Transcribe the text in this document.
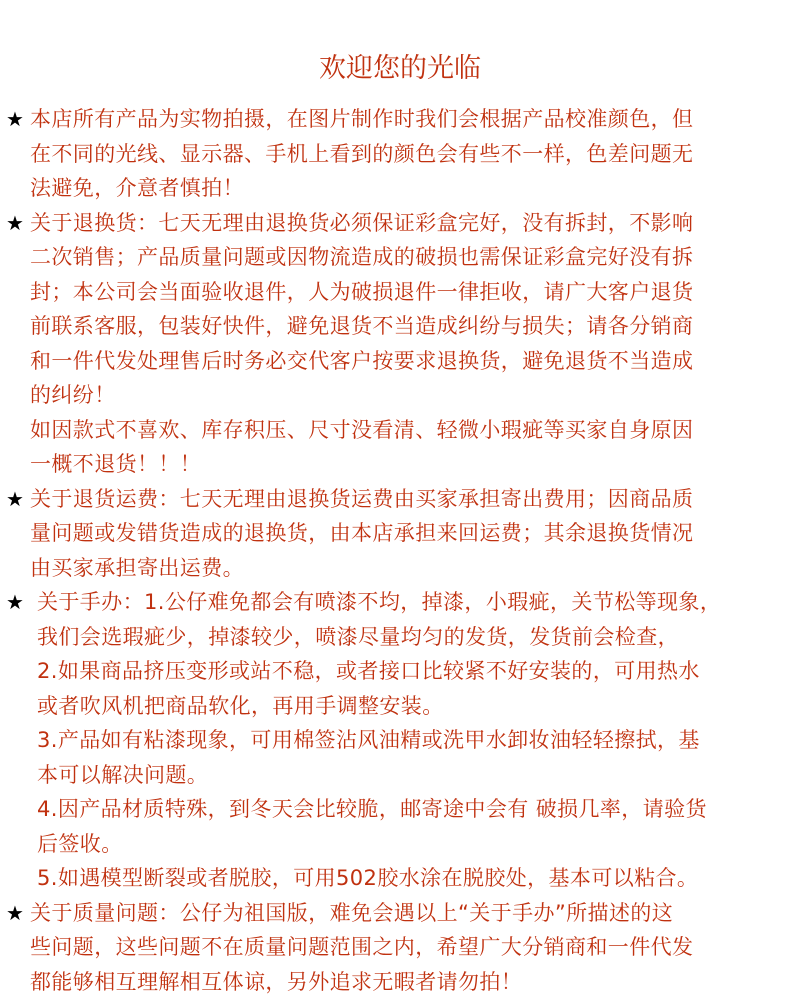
欢迎您的光临
★ 本店所有产品为实物拍摄，在图片制作时我们会根据产品校准颜色，但
在不同的光线、显示器、手机上看到的颜色会有些不一样，色差问题无
法避免，介意者慎拍！
★ 关于退换货：七天无理由退换货必须保证彩盒完好，没有拆封，不影响
二次销售；产品质量问题或因物流造成的破损也需保证彩盒完好没有拆
封；本公司会当面验收退件，人为破损退件一律拒收，请广大客户退货
前联系客服，包装好快件，避免退货不当造成纠纷与损失；请各分销商
和一件代发处理售后时务必交代客户按要求退换货，避免退货不当造成
的纠纷！
如因款式不喜欢、库存积压、尺寸没看清、轻微小瑕疵等买家自身原因
一概不退货！！！
★ 关于退货运费：七天无理由退换货运费由买家承担寄出费用；因商品质
量问题或发错货造成的退换货，由本店承担来回运费；其余退换货情况
由买家承担寄出运费。
★ 关于手办：1.公仔难免都会有喷漆不均，掉漆，小瑕疵，关节松等现象，
我们会选瑕疵少，掉漆较少，喷漆尽量均匀的发货，发货前会检查，
2.如果商品挤压变形或站不稳，或者接口比较紧不好安装的，可用热水
或者吹风机把商品软化，再用手调整安装。
3.产品如有粘漆现象，可用棉签沾风油精或洗甲水卸妆油轻轻擦拭，基
本可以解决问题。
4.因产品材质特殊，到冬天会比较脆，邮寄途中会有 破损几率，请验货
后签收。
5.如遇模型断裂或者脱胶，可用502胶水涂在脱胶处，基本可以粘合。
★ 关于质量问题：公仔为祖国版，难免会遇以上“关于手办”所描述的这
些问题，这些问题不在质量问题范围之内，希望广大分销商和一件代发
都能够相互理解相互体谅，另外追求无暇者请勿拍！
